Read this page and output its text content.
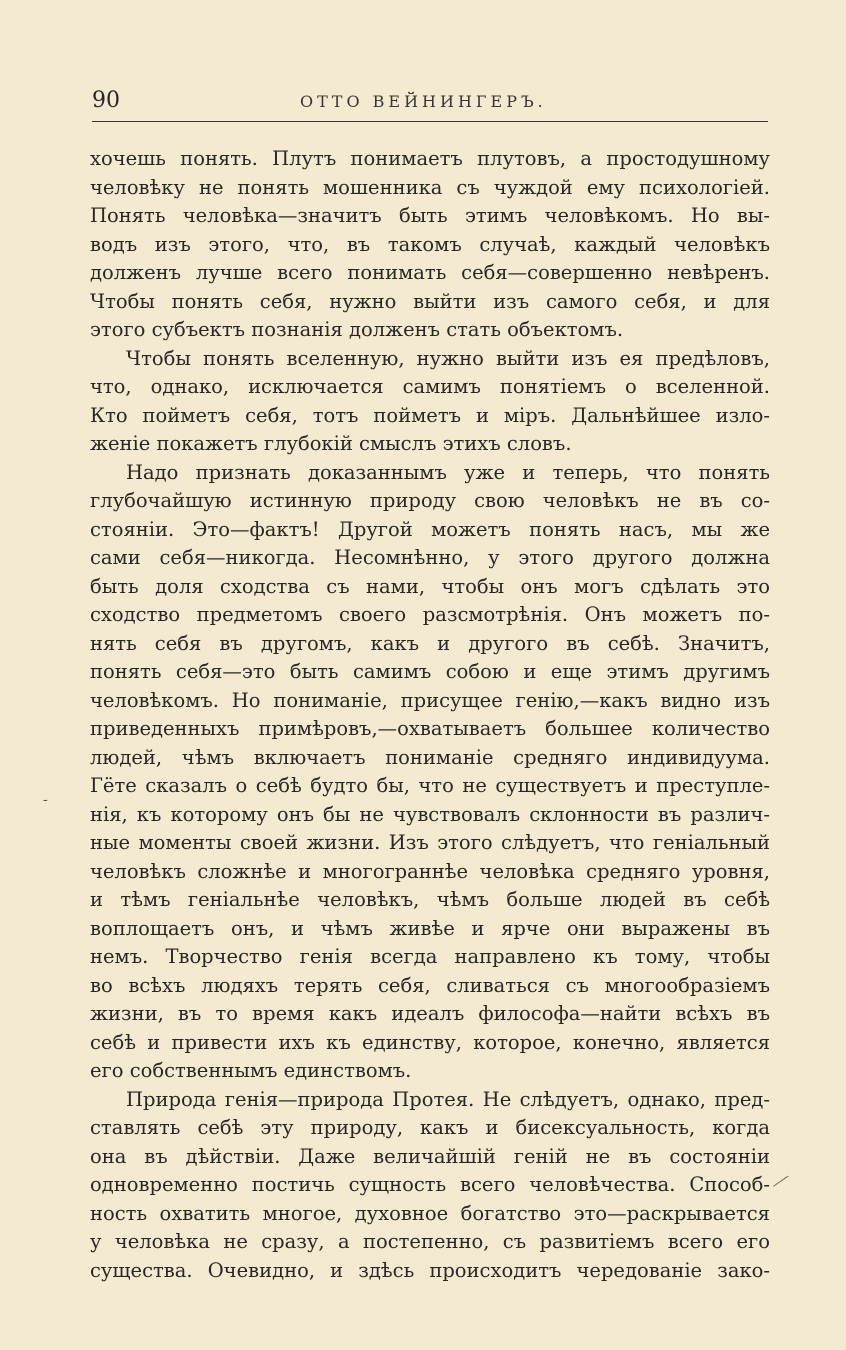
90	ОТТО ВЕЙНИНГЕРЪ.
хочешь понять. Плутъ понимаетъ плутовъ, а простодушному
человѣку не понять мошенника съ чуждой ему психологіей.
Понять человѣка—значитъ быть этимъ человѣкомъ. Но вы-
водъ изъ этого, что, въ такомъ случаѣ, каждый человѣкъ
долженъ лучше всего понимать себя—совершенно невѣренъ.
Чтобы понять себя, нужно выйти изъ самого себя, и для
этого субъектъ познанія долженъ стать объектомъ.
Чтобы понять вселенную, нужно выйти изъ ея предѣловъ,
что, однако, исключается самимъ понятіемъ о вселенной.
Кто пойметъ себя, тотъ пойметъ и міръ. Дальнѣйшее изло-
женіе покажетъ глубокій смыслъ этихъ словъ.
Надо признать доказаннымъ уже и теперь, что понять
глубочайшую истинную природу свою человѣкъ не въ со-
стояніи. Это—фактъ! Другой можетъ понять насъ, мы же
сами себя—никогда. Несомнѣнно, у этого другого должна
быть доля сходства съ нами, чтобы онъ могъ сдѣлать это
сходство предметомъ своего разсмотрѣнія. Онъ можетъ по-
нять себя въ другомъ, какъ и другого въ себѣ. Значитъ,
понять себя—это быть самимъ собою и еще этимъ другимъ
человѣкомъ. Но пониманіе, присущее генію,—какъ видно изъ
приведенныхъ примѣровъ,—охватываетъ большее количество
людей, чѣмъ включаетъ пониманіе средняго индивидуума.
Гёте сказалъ о себѣ будто бы, что не существуетъ и преступле-
нія, къ которому онъ бы не чувствовалъ склонности въ различ-
ные моменты своей жизни. Изъ этого слѣдуетъ, что геніальный
человѣкъ сложнѣе и многограннѣе человѣка средняго уровня,
и тѣмъ геніальнѣе человѣкъ, чѣмъ больше людей въ себѣ
воплощаетъ онъ, и чѣмъ живѣе и ярче они выражены въ
немъ. Творчество генія всегда направлено къ тому, чтобы
во всѣхъ людяхъ терять себя, сливаться съ многообразіемъ
жизни, въ то время какъ идеалъ философа—найти всѣхъ въ
себѣ и привести ихъ къ единству, которое, конечно, является
его собственнымъ единствомъ.
Природа генія—природа Протея. Не слѣдуетъ, однако, пред-
ставлять себѣ эту природу, какъ и бисексуальность, когда
она въ дѣйствіи. Даже величайшій геній не въ состояніи
одновременно постичь сущность всего человѣчества. Способ-
ность охватить многое, духовное богатство это—раскрывается
у человѣка не сразу, а постепенно, съ развитіемъ всего его
существа. Очевидно, и здѣсь происходитъ чередованіе зако-
-
